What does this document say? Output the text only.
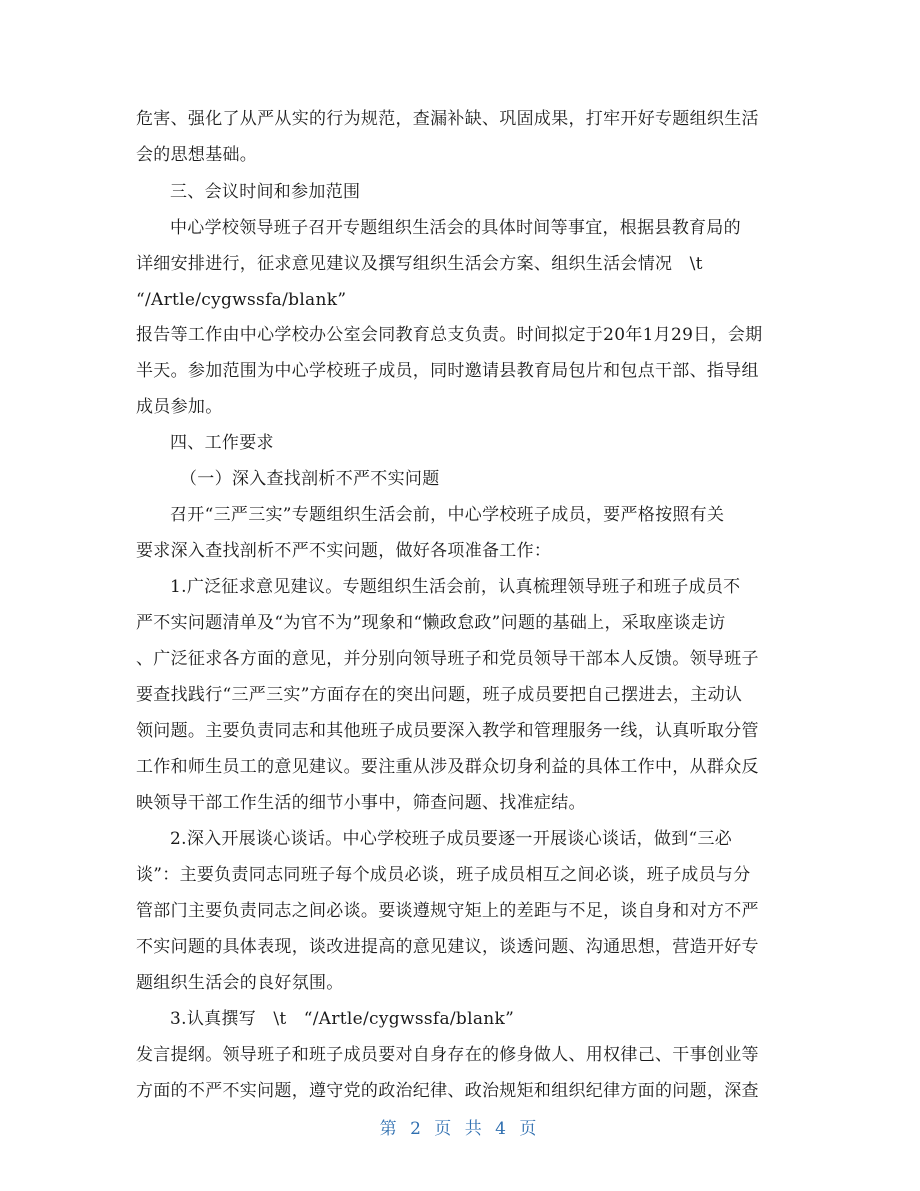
危害、强化了从严从实的行为规范，查漏补缺、巩固成果，打牢开好专题组织生活
会的思想基础。
三、会议时间和参加范围
中心学校领导班子召开专题组织生活会的具体时间等事宜，根据县教育局的
详细安排进行，征求意见建议及撰写组织生活会方案、组织生活会情况　\t
“/Artle/cygwssfa/blank”
报告等工作由中心学校办公室会同教育总支负责。时间拟定于20年1月29日，会期
半天。参加范围为中心学校班子成员，同时邀请县教育局包片和包点干部、指导组
成员参加。
四、工作要求
（一）深入查找剖析不严不实问题
召开“三严三实”专题组织生活会前，中心学校班子成员，要严格按照有关
要求深入查找剖析不严不实问题，做好各项准备工作：
1.广泛征求意见建议。专题组织生活会前，认真梳理领导班子和班子成员不
严不实问题清单及“为官不为”现象和“懒政怠政”问题的基础上，采取座谈走访
、广泛征求各方面的意见，并分别向领导班子和党员领导干部本人反馈。领导班子
要查找践行“三严三实”方面存在的突出问题，班子成员要把自己摆进去，主动认
领问题。主要负责同志和其他班子成员要深入教学和管理服务一线，认真听取分管
工作和师生员工的意见建议。要注重从涉及群众切身利益的具体工作中，从群众反
映领导干部工作生活的细节小事中，筛查问题、找准症结。
2.深入开展谈心谈话。中心学校班子成员要逐一开展谈心谈话，做到“三必
谈”：主要负责同志同班子每个成员必谈，班子成员相互之间必谈，班子成员与分
管部门主要负责同志之间必谈。要谈遵规守矩上的差距与不足，谈自身和对方不严
不实问题的具体表现，谈改进提高的意见建议，谈透问题、沟通思想，营造开好专
题组织生活会的良好氛围。
3.认真撰写　\t　“/Artle/cygwssfa/blank”
发言提纲。领导班子和班子成员要对自身存在的修身做人、用权律己、干事创业等
方面的不严不实问题，遵守党的政治纪律、政治规矩和组织纪律方面的问题，深查
第 2 页 共 4 页
